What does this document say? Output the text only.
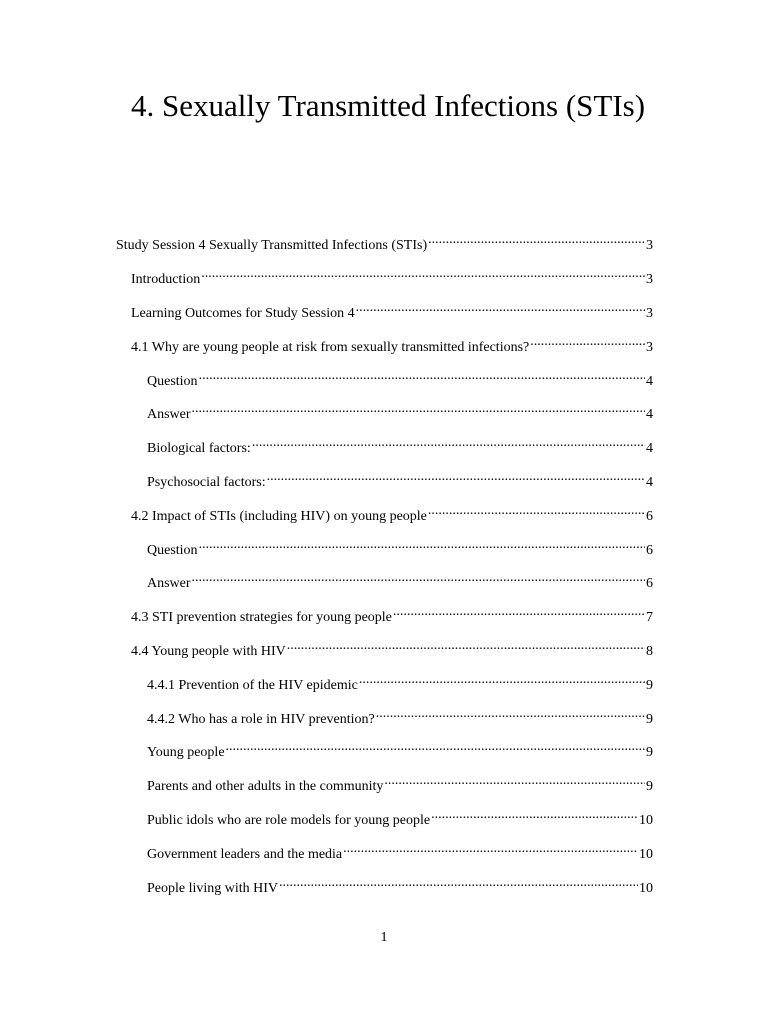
4. Sexually Transmitted Infections (STIs)
Study Session 4 Sexually Transmitted Infections (STIs) .....	3
Introduction .....	3
Learning Outcomes for Study Session 4 .....	3
4.1 Why are young people at risk from sexually transmitted infections? .....	3
Question .....	4
Answer .....	4
Biological factors: .....	4
Psychosocial factors: .....	4
4.2 Impact of STIs (including HIV) on young people .....	6
Question .....	6
Answer .....	6
4.3 STI prevention strategies for young people .....	7
4.4 Young people with HIV .....	8
4.4.1 Prevention of the HIV epidemic .....	9
4.4.2 Who has a role in HIV prevention? .....	9
Young people .....	9
Parents and other adults in the community .....	9
Public idols who are role models for young people .....	10
Government leaders and the media .....	10
People living with HIV .....	10
1
